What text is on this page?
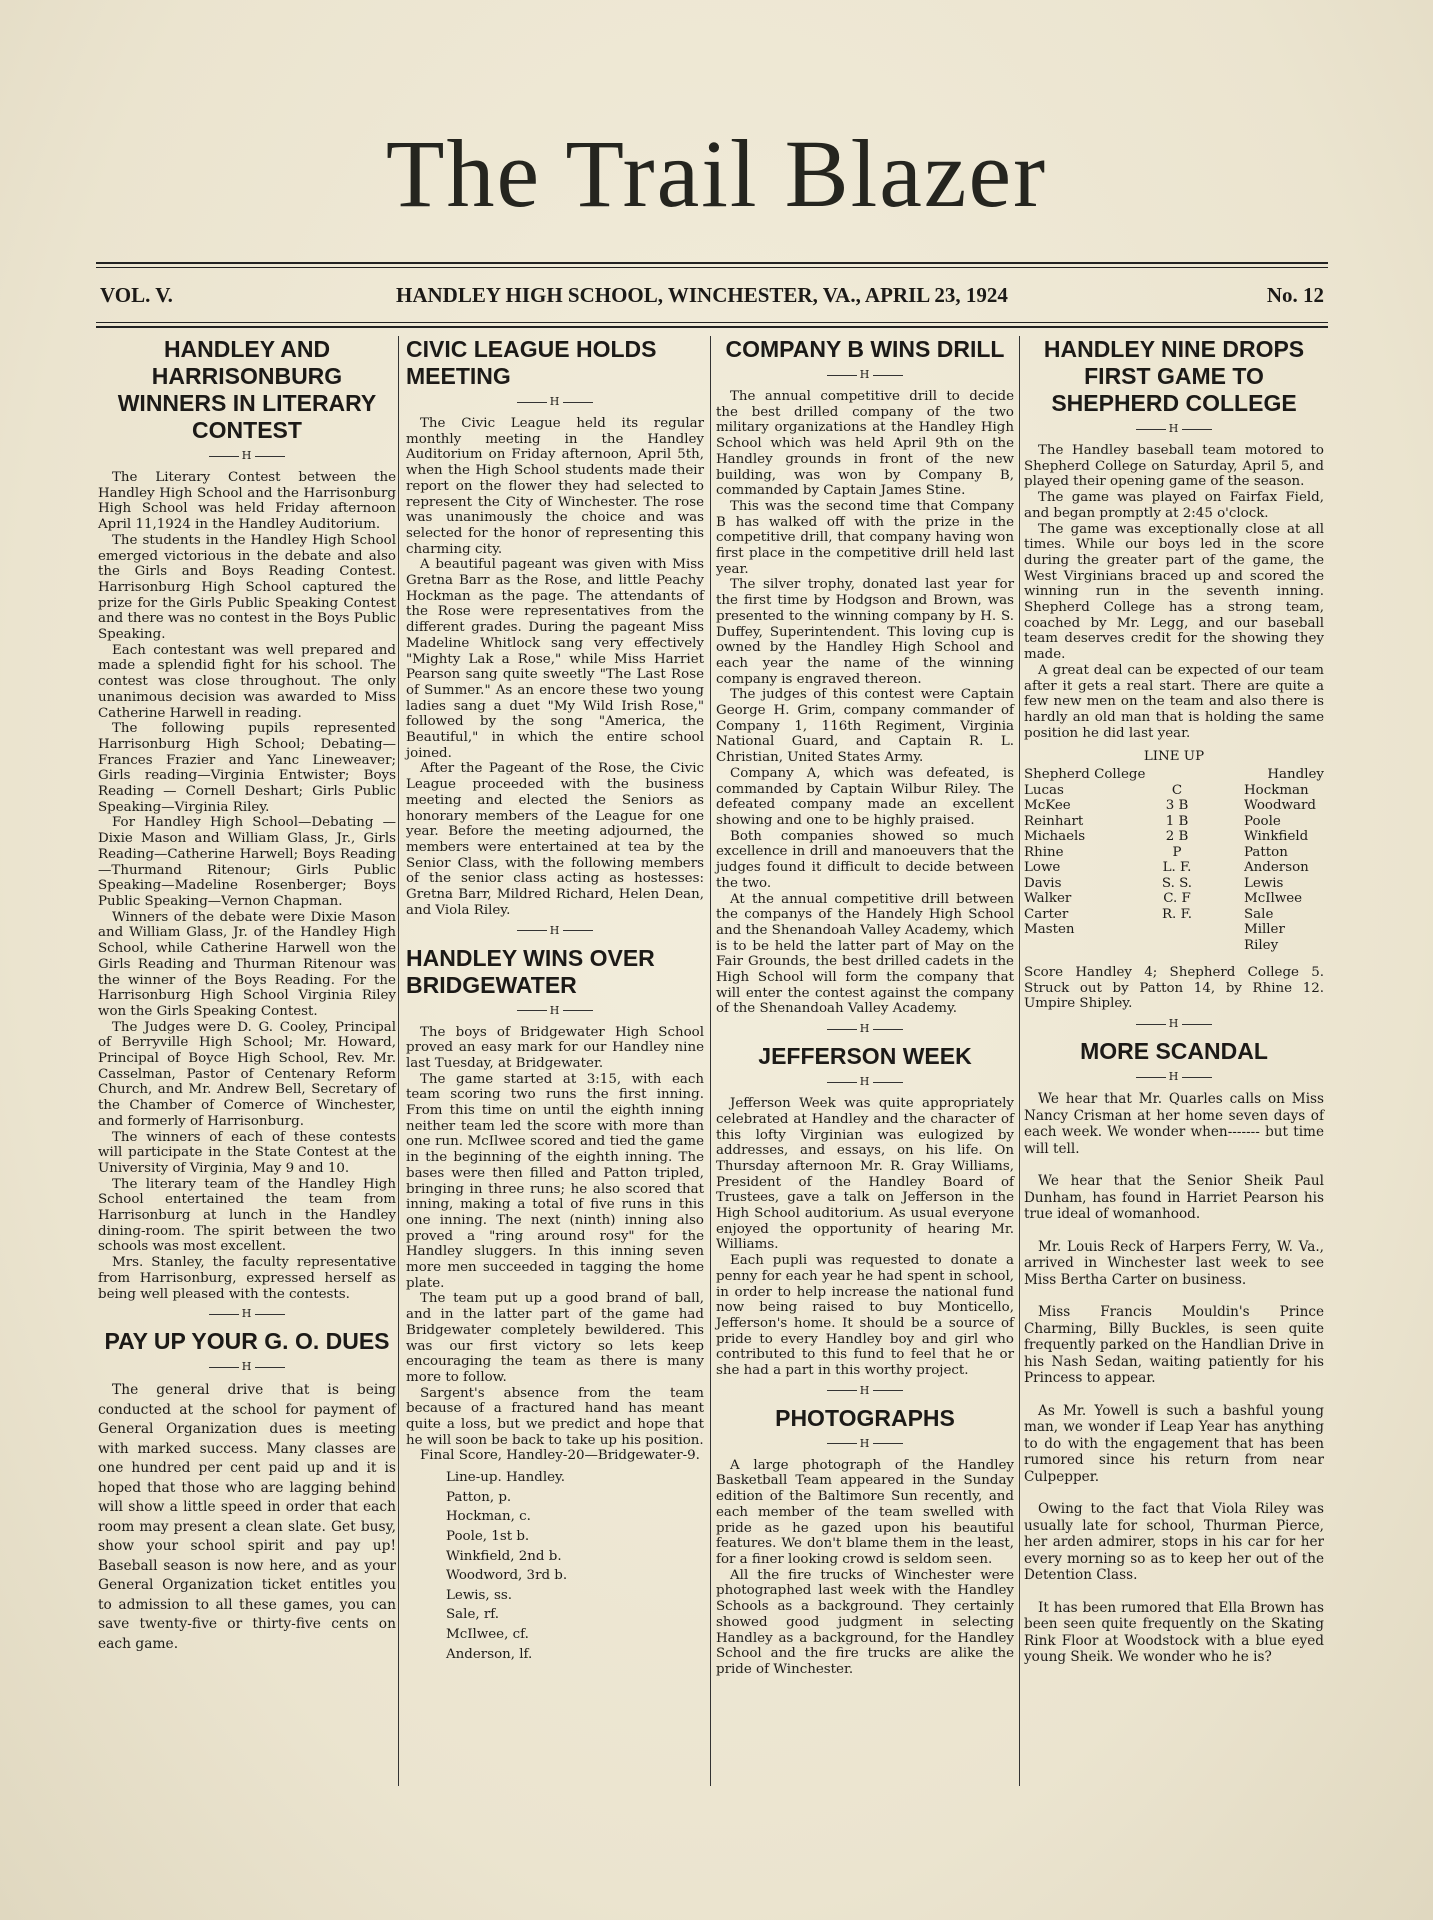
The Trail Blazer
VOL. V.	HANDLEY HIGH SCHOOL, WINCHESTER, VA., APRIL 23, 1924	No. 12
HANDLEY AND HARRISONBURG WINNERS IN LITERARY CONTEST
H

The Literary Contest between the Handley High School and the Harrisonburg High School was held Friday afternoon April 11,1924 in the Handley Auditorium.

The students in the Handley High School emerged victorious in the debate and also the Girls and Boys Reading Contest. Harrisonburg High School captured the prize for the Girls Public Speaking Contest and there was no contest in the Boys Public Speaking.

Each contestant was well prepared and made a splendid fight for his school. The contest was close throughout. The only unanimous decision was awarded to Miss Catherine Harwell in reading.

The following pupils represented Harrisonburg High School; Debating—Frances Frazier and Yanc Lineweaver; Girls reading—Virginia Entwister; Boys Reading — Cornell Deshart; Girls Public Speaking—Virginia Riley.

For Handley High School—Debating — Dixie Mason and William Glass, Jr., Girls Reading—Catherine Harwell; Boys Reading—Thurmand Ritenour; Girls Public Speaking—Madeline Rosenberger; Boys Public Speaking—Vernon Chapman.

Winners of the debate were Dixie Mason and William Glass, Jr. of the Handley High School, while Catherine Harwell won the Girls Reading and Thurman Ritenour was the winner of the Boys Reading. For the Harrisonburg High School Virginia Riley won the Girls Speaking Contest.

The Judges were D. G. Cooley, Principal of Berryville High School; Mr. Howard, Principal of Boyce High School, Rev. Mr. Casselman, Pastor of Centenary Reform Church, and Mr. Andrew Bell, Secretary of the Chamber of Comerce of Winchester, and formerly of Harrisonburg.

The winners of each of these contests will participate in the State Contest at the University of Virginia, May 9 and 10.

The literary team of the Handley High School entertained the team from Harrisonburg at lunch in the Handley dining-room. The spirit between the two schools was most excellent.

Mrs. Stanley, the faculty representative from Harrisonburg, expressed herself as being well pleased with the contests.

H
PAY UP YOUR G. O. DUES
H

The general drive that is being conducted at the school for payment of General Organization dues is meeting with marked success. Many classes are one hundred per cent paid up and it is hoped that those who are lagging behind will show a little speed in order that each room may present a clean slate. Get busy, show your school spirit and pay up! Baseball season is now here, and as your General Organization ticket entitles you to admission to all these games, you can save twenty-five or thirty-five cents on each game.

CIVIC LEAGUE HOLDS MEETING
H

The Civic League held its regular monthly meeting in the Handley Auditorium on Friday afternoon, April 5th, when the High School students made their report on the flower they had selected to represent the City of Winchester. The rose was unanimously the choice and was selected for the honor of representing this charming city.

A beautiful pageant was given with Miss Gretna Barr as the Rose, and little Peachy Hockman as the page. The attendants of the Rose were representatives from the different grades. During the pageant Miss Madeline Whitlock sang very effectively "Mighty Lak a Rose," while Miss Harriet Pearson sang quite sweetly "The Last Rose of Summer." As an encore these two young ladies sang a duet "My Wild Irish Rose," followed by the song "America, the Beautiful," in which the entire school joined.

After the Pageant of the Rose, the Civic League proceeded with the business meeting and elected the Seniors as honorary members of the League for one year. Before the meeting adjourned, the members were entertained at tea by the Senior Class, with the following members of the senior class acting as hostesses: Gretna Barr, Mildred Richard, Helen Dean, and Viola Riley.

H
HANDLEY WINS OVER BRIDGEWATER
H

The boys of Bridgewater High School proved an easy mark for our Handley nine last Tuesday, at Bridgewater.

The game started at 3:15, with each team scoring two runs the first inning. From this time on until the eighth inning neither team led the score with more than one run. McIlwee scored and tied the game in the beginning of the eighth inning. The bases were then filled and Patton tripled, bringing in three runs; he also scored that inning, making a total of five runs in this one inning. The next (ninth) inning also proved a "ring around rosy" for the Handley sluggers. In this inning seven more men succeeded in tagging the home plate.

The team put up a good brand of ball, and in the latter part of the game had Bridgewater completely bewildered. This was our first victory so lets keep encouraging the team as there is many more to follow.

Sargent's absence from the team because of a fractured hand has meant quite a loss, but we predict and hope that he will soon be back to take up his position.

Final Score, Handley-20—Bridgewater-9.

Line-up. Handley.
Patton, p.
Hockman, c.
Poole, 1st b.
Winkfield, 2nd b.
Woodword, 3rd b.
Lewis, ss.
Sale, rf.
McIlwee, cf.
Anderson, lf.
COMPANY B WINS DRILL
H

The annual competitive drill to decide the best drilled company of the two military organizations at the Handley High School which was held April 9th on the Handley grounds in front of the new building, was won by Company B, commanded by Captain James Stine.

This was the second time that Company B has walked off with the prize in the competitive drill, that company having won first place in the competitive drill held last year.

The silver trophy, donated last year for the first time by Hodgson and Brown, was presented to the winning company by H. S. Duffey, Superintendent. This loving cup is owned by the Handley High School and each year the name of the winning company is engraved thereon.

The judges of this contest were Captain George H. Grim, company commander of Company 1, 116th Regiment, Virginia National Guard, and Captain R. L. Christian, United States Army.

Company A, which was defeated, is commanded by Captain Wilbur Riley. The defeated company made an excellent showing and one to be highly praised.

Both companies showed so much excellence in drill and manoeuvers that the judges found it difficult to decide between the two.

At the annual competitive drill between the companys of the Handely High School and the Shenandoah Valley Academy, which is to be held the latter part of May on the Fair Grounds, the best drilled cadets in the High School will form the company that will enter the contest against the company of the Shenandoah Valley Academy.

H
JEFFERSON WEEK
H

Jefferson Week was quite appropriately celebrated at Handley and the character of this lofty Virginian was eulogized by addresses, and essays, on his life. On Thursday afternoon Mr. R. Gray Williams, President of the Handley Board of Trustees, gave a talk on Jefferson in the High School auditorium. As usual everyone enjoyed the opportunity of hearing Mr. Williams.

Each pupli was requested to donate a penny for each year he had spent in school, in order to help increase the national fund now being raised to buy Monticello, Jefferson's home. It should be a source of pride to every Handley boy and girl who contributed to this fund to feel that he or she had a part in this worthy project.

H
PHOTOGRAPHS
H

A large photograph of the Handley Basketball Team appeared in the Sunday edition of the Baltimore Sun recently, and each member of the team swelled with pride as he gazed upon his beautiful features. We don't blame them in the least, for a finer looking crowd is seldom seen.

All the fire trucks of Winchester were photographed last week with the Handley Schools as a background. They certainly showed good judgment in selecting Handley as a background, for the Handley School and the fire trucks are alike the pride of Winchester.

HANDLEY NINE DROPS FIRST GAME TO SHEPHERD COLLEGE
H

The Handley baseball team motored to Shepherd College on Saturday, April 5, and played their opening game of the season.

The game was played on Fairfax Field, and began promptly at 2:45 o'clock.

The game was exceptionally close at all times. While our boys led in the score during the greater part of the game, the West Virginians braced up and scored the winning run in the seventh inning. Shepherd College has a strong team, coached by Mr. Legg, and our baseball team deserves credit for the showing they made.

A great deal can be expected of our team after it gets a real start. There are quite a few new men on the team and also there is hardly an old man that is holding the same position he did last year.

LINE UP
Shepherd College		Handley
Lucas	C	Hockman
McKee	3 B	Woodward
Reinhart	1 B	Poole
Michaels	2 B	Winkfield
Rhine	P	Patton
Lowe	L. F.	Anderson
Davis	S. S.	Lewis
Walker	C. F	McIlwee
Carter	R. F.	Sale
Masten		Miller
		Riley

Score Handley 4; Shepherd College 5. Struck out by Patton 14, by Rhine 12. Umpire Shipley.

H
MORE SCANDAL
H

We hear that Mr. Quarles calls on Miss Nancy Crisman at her home seven days of each week. We wonder when------- but time will tell.

We hear that the Senior Sheik Paul Dunham, has found in Harriet Pearson his true ideal of womanhood.

Mr. Louis Reck of Harpers Ferry, W. Va., arrived in Winchester last week to see Miss Bertha Carter on business.

Miss Francis Mouldin's Prince Charming, Billy Buckles, is seen quite frequently parked on the Handlian Drive in his Nash Sedan, waiting patiently for his Princess to appear.

As Mr. Yowell is such a bashful young man, we wonder if Leap Year has anything to do with the engagement that has been rumored since his return from near Culpepper.

Owing to the fact that Viola Riley was usually late for school, Thurman Pierce, her arden admirer, stops in his car for her every morning so as to keep her out of the Detention Class.

It has been rumored that Ella Brown has been seen quite frequently on the Skating Rink Floor at Woodstock with a blue eyed young Sheik. We wonder who he is?
